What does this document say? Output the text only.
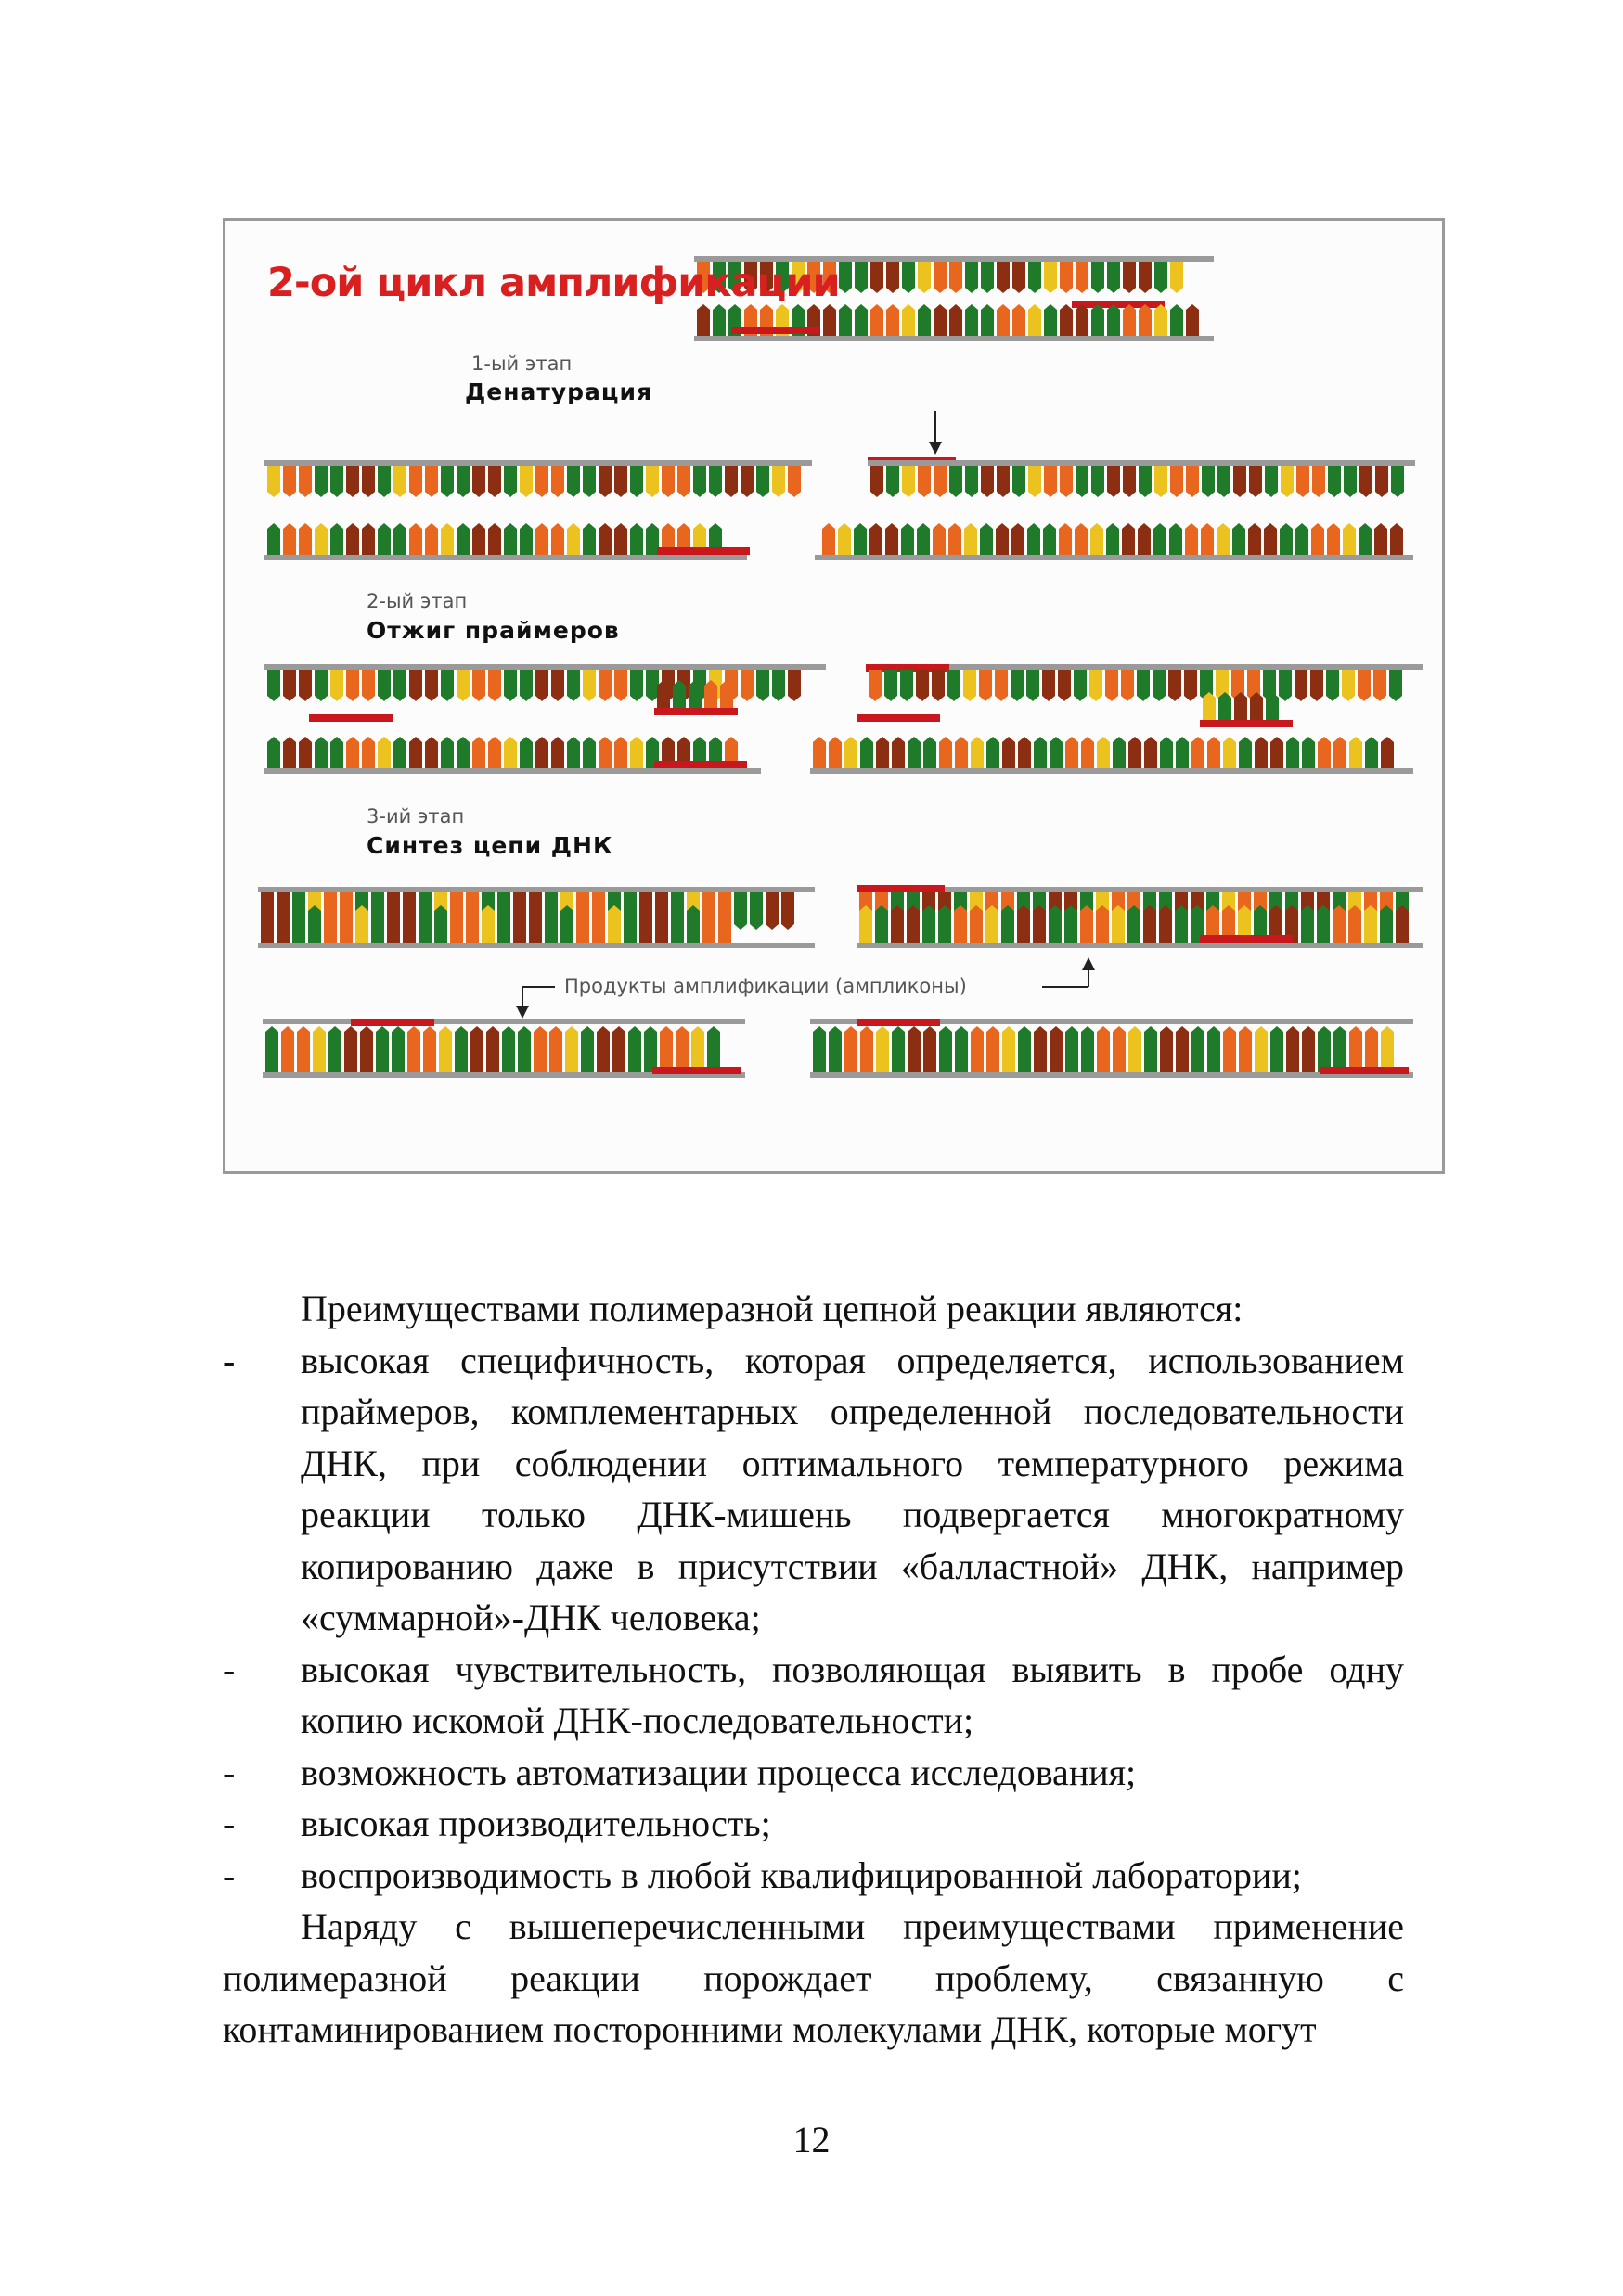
2-ой цикл амплификации
1-ый этап
Денатурация
2-ый этап
Отжиг праймеров
3-ий этап
Синтез цепи ДНК
Продукты амплификации (ампликоны)

Преимуществами полимеразной цепной реакции являются:

- высокая специфичность, которая определяется, использованием праймеров, комплементарных определенной последовательности ДНК, при соблюдении оптимального температурного режима реакции только ДНК-мишень подвергается многократному копированию даже в присутствии «балластной» ДНК, например «суммарной»-ДНК человека;
- высокая чувствительность, позволяющая выявить в пробе одну копию искомой ДНК-последовательности;
- возможность автоматизации процесса исследования;
- высокая производительность;
- воспроизводимость в любой квалифицированной лаборатории;

Наряду с вышеперечисленными преимуществами применение полимеразной реакции порождает проблему, связанную с контаминированием посторонними молекулами ДНК, которые могут

12
